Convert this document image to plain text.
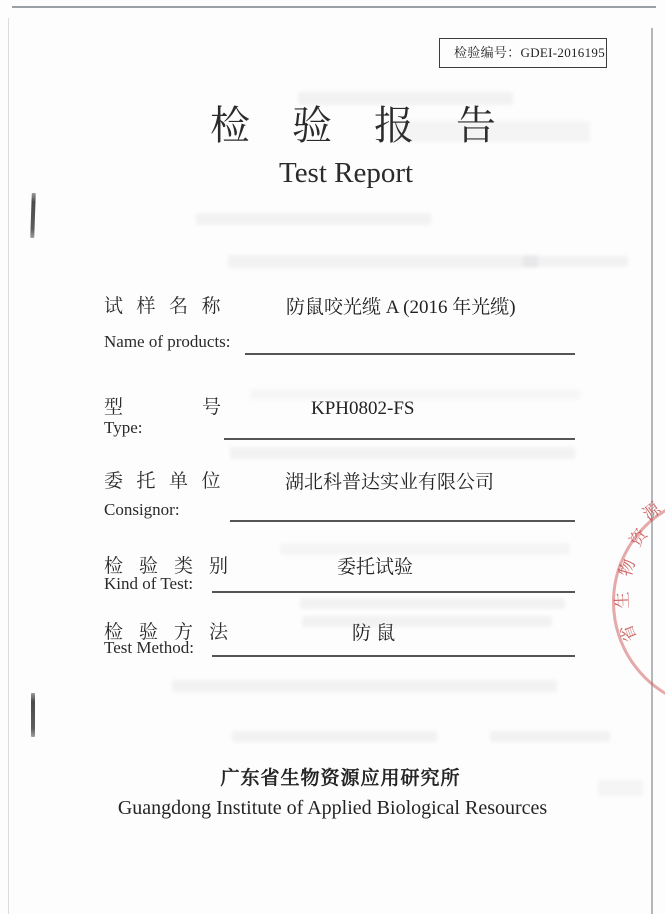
检验编号：GDEI-2016195
检验报告
Test Report
试样名称	防鼠咬光缆 A (2016 年光缆)
Name of products:
型号 KPH0802-FS
Type:
委托单位	湖北科普达实业有限公司
Consignor:
检验类别	委托试验
Kind of Test:
检验方法	防 鼠
Test Method:
广东省生物资源应用研究所
Guangdong Institute of Applied Biological Resources
源
资
物
生
省
